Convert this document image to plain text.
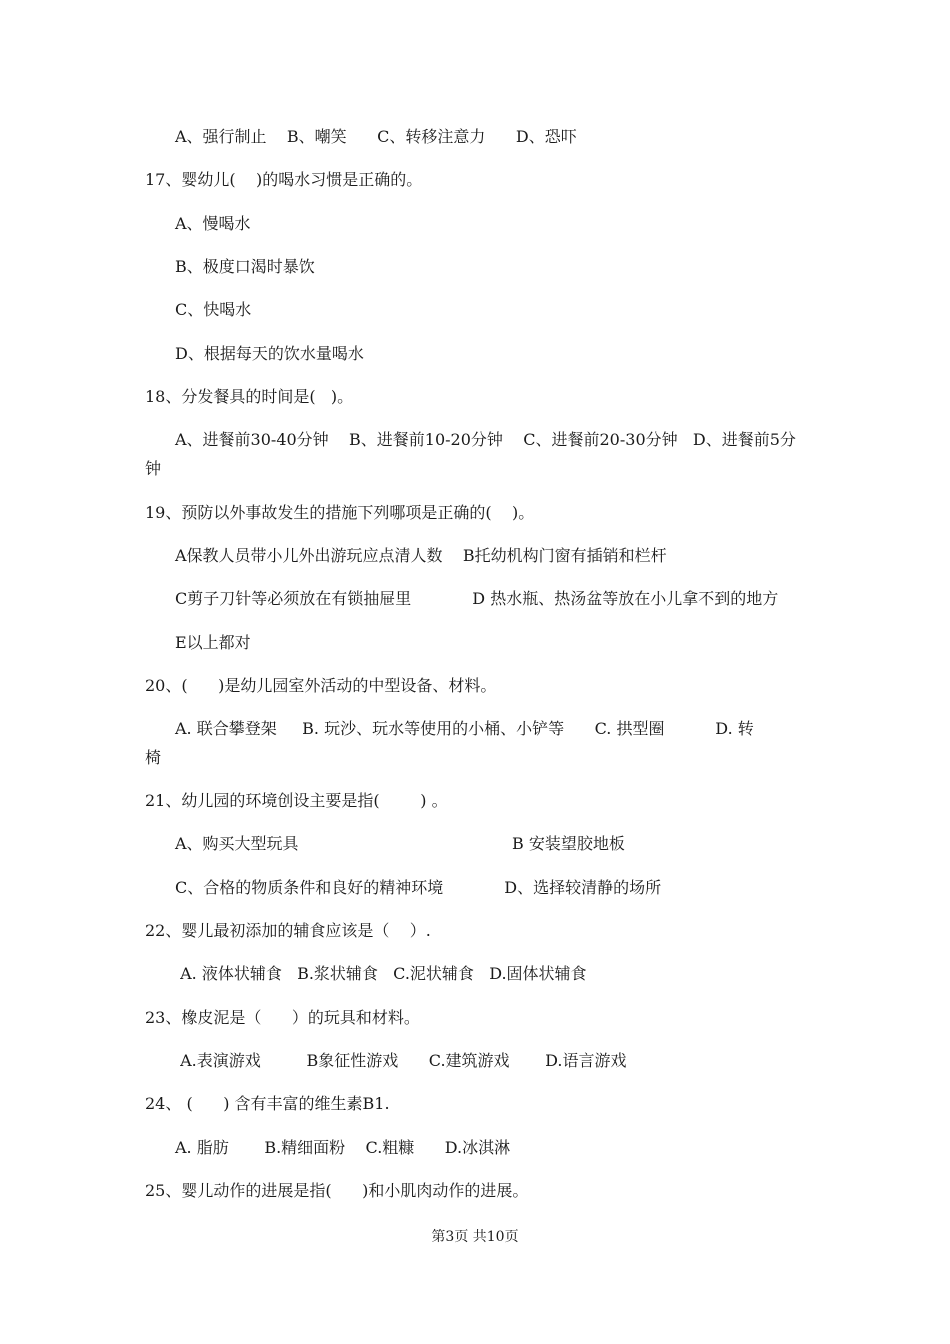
A、强行制止    B、嘲笑      C、转移注意力      D、恐吓

17、婴幼儿(    )的喝水习惯是正确的。

A、慢喝水

B、极度口渴时暴饮

C、快喝水

D、根据每天的饮水量喝水

18、分发餐具的时间是(   )。

A、进餐前30-40分钟    B、进餐前10-20分钟    C、进餐前20-30分钟   D、进餐前5分

钟

19、预防以外事故发生的措施下列哪项是正确的(    )。

A保教人员带小儿外出游玩应点清人数    B托幼机构门窗有插销和栏杆

C剪子刀针等必须放在有锁抽屉里            D 热水瓶、热汤盆等放在小儿拿不到的地方

E以上都对

20、(      )是幼儿园室外活动的中型设备、材料。

A. 联合攀登架     B. 玩沙、玩水等使用的小桶、小铲等      C. 拱型圈          D. 转

椅

21、幼儿园的环境创设主要是指(        ) 。

A、购买大型玩具	B 安装望胶地板

C、合格的物质条件和良好的精神环境            D、选择较清静的场所

22、婴儿最初添加的辅食应该是（    ）.

A. 液体状辅食   B.浆状辅食   C.泥状辅食   D.固体状辅食

23、橡皮泥是（      ）的玩具和材料。

A.表演游戏         B象征性游戏      C.建筑游戏       D.语言游戏

24、 (      ) 含有丰富的维生素B1.

A. 脂肪       B.精细面粉    C.粗糠      D.冰淇淋

25、婴儿动作的进展是指(      )和小肌肉动作的进展。

第3页 共10页
